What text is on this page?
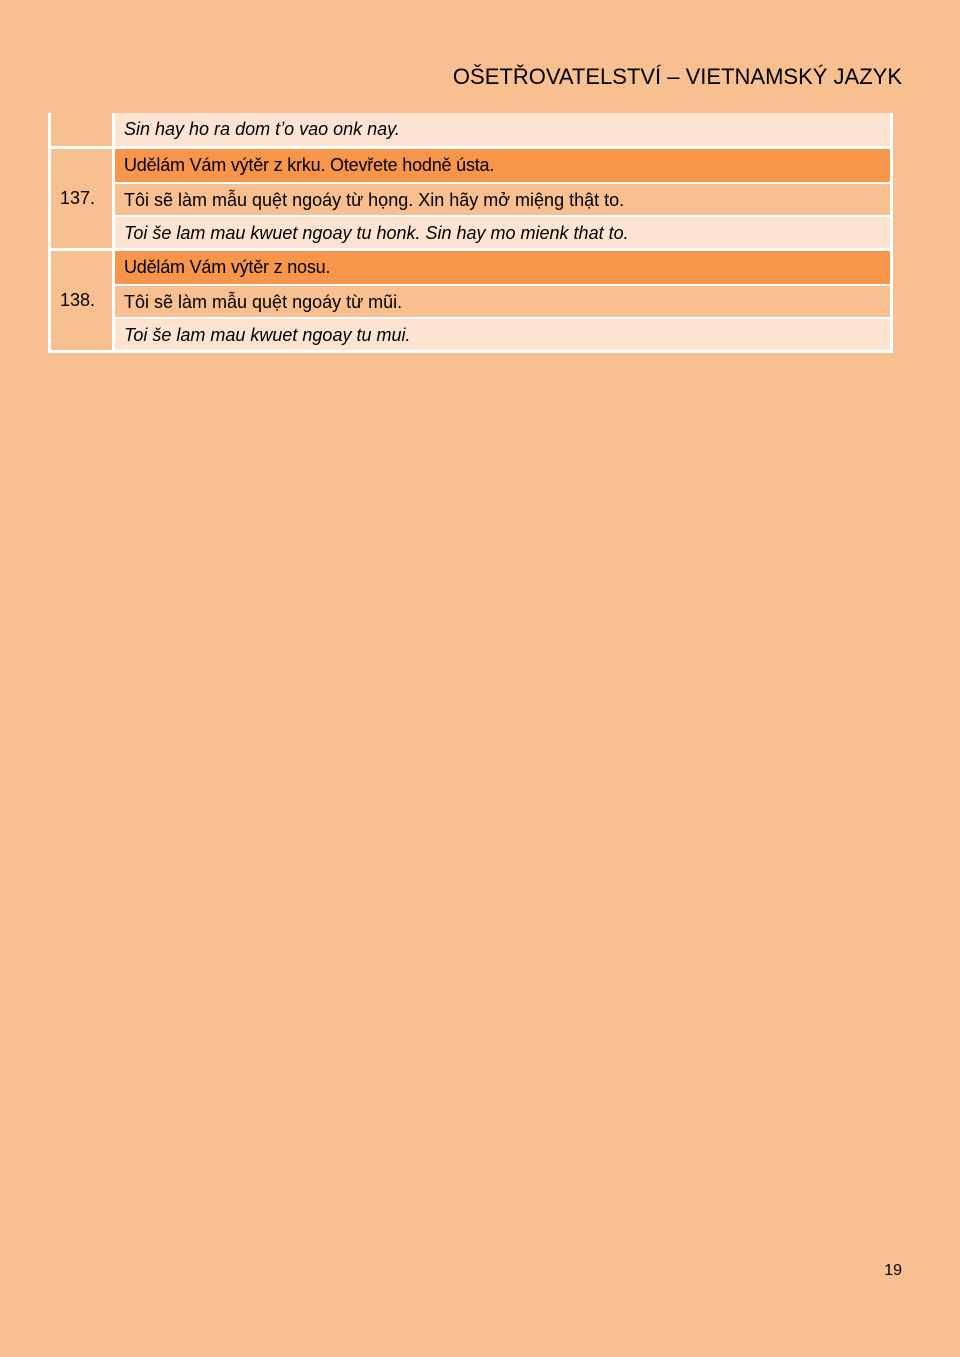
OŠETŘOVATELSTVÍ – VIETNAMSKÝ JAZYK
Sin hay ho ra dom tʼo vao onk nay.
137.
Udělám Vám výtěr z krku. Otevřete hodně ústa.
Tôi sẽ làm mẫu quệt ngoáy từ họng. Xin hãy mở miệng thật to.
Toi še lam mau kwuet ngoay tu honk. Sin hay mo mienk that to.
138.
Udělám Vám výtěr z nosu.
Tôi sẽ làm mẫu quệt ngoáy từ mũi.
Toi še lam mau kwuet ngoay tu mui.
19
